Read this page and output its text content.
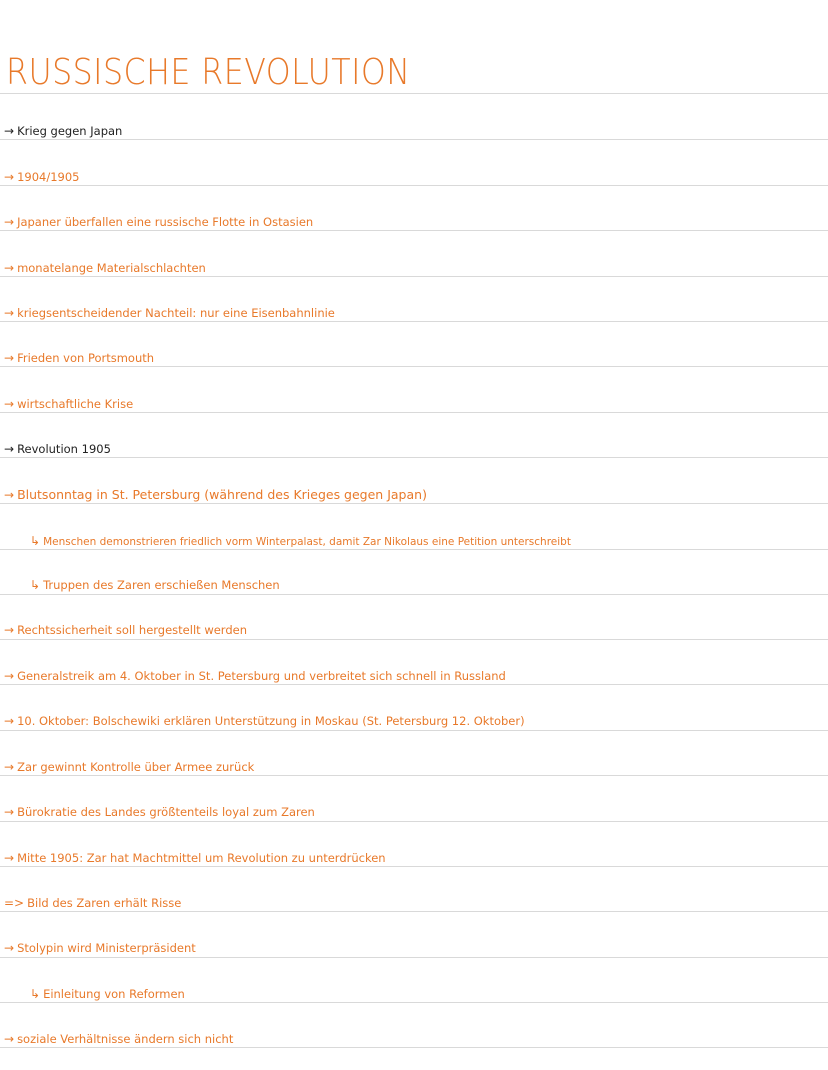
RUSSISCHE REVOLUTION
→ Krieg gegen Japan
→ 1904/1905
→ Japaner überfallen eine russische Flotte in Ostasien
→ monatelange Materialschlachten
→ kriegsentscheidender Nachteil: nur eine Eisenbahnlinie
→ Frieden von Portsmouth
→ wirtschaftliche Krise
→ Revolution 1905
→ Blutsonntag in St. Petersburg (während des Krieges gegen Japan)
↳ Menschen demonstrieren friedlich vorm Winterpalast, damit Zar Nikolaus eine Petition unterschreibt
↳ Truppen des Zaren erschießen Menschen
→ Rechtssicherheit soll hergestellt werden
→ Generalstreik am 4. Oktober in St. Petersburg und verbreitet sich schnell in Russland
→ 10. Oktober: Bolschewiki erklären Unterstützung in Moskau (St. Petersburg 12. Oktober)
→ Zar gewinnt Kontrolle über Armee zurück
→ Bürokratie des Landes größtenteils loyal zum Zaren
→ Mitte 1905: Zar hat Machtmittel um Revolution zu unterdrücken
=> Bild des Zaren erhält Risse
→ Stolypin wird Ministerpräsident
↳ Einleitung von Reformen
→ soziale Verhältnisse ändern sich nicht
